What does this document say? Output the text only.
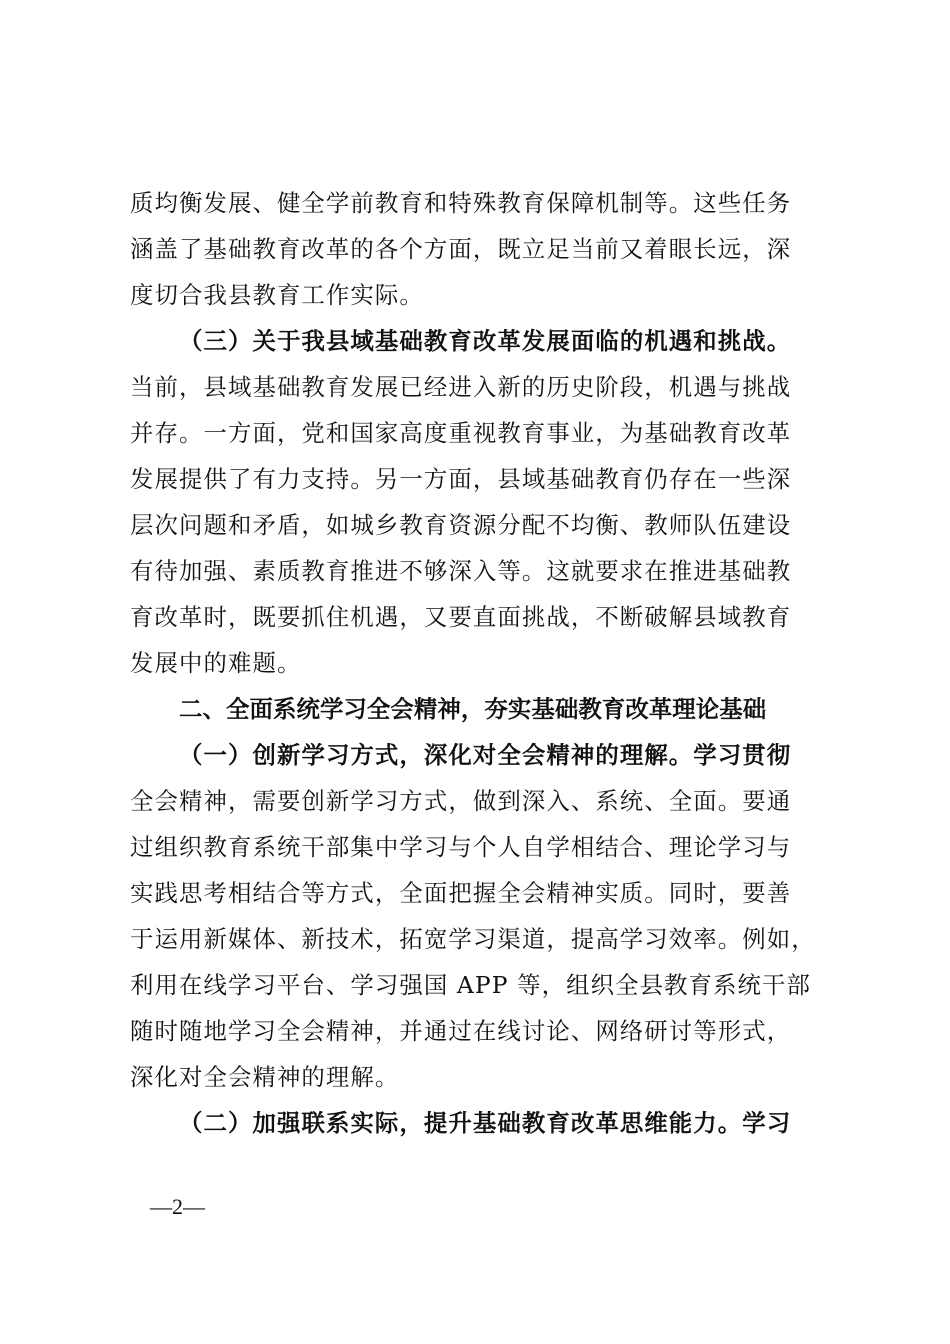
质均衡发展、健全学前教育和特殊教育保障机制等。这些任务
涵盖了基础教育改革的各个方面，既立足当前又着眼长远，深
度切合我县教育工作实际。
（三）关于我县域基础教育改革发展面临的机遇和挑战。
当前，县域基础教育发展已经进入新的历史阶段，机遇与挑战
并存。一方面，党和国家高度重视教育事业，为基础教育改革
发展提供了有力支持。另一方面，县域基础教育仍存在一些深
层次问题和矛盾，如城乡教育资源分配不均衡、教师队伍建设
有待加强、素质教育推进不够深入等。这就要求在推进基础教
育改革时，既要抓住机遇，又要直面挑战，不断破解县域教育
发展中的难题。
二、全面系统学习全会精神，夯实基础教育改革理论基础
（一）创新学习方式，深化对全会精神的理解。学习贯彻
全会精神，需要创新学习方式，做到深入、系统、全面。要通
过组织教育系统干部集中学习与个人自学相结合、理论学习与
实践思考相结合等方式，全面把握全会精神实质。同时，要善
于运用新媒体、新技术，拓宽学习渠道，提高学习效率。例如，
利用在线学习平台、学习强国 APP 等，组织全县教育系统干部
随时随地学习全会精神，并通过在线讨论、网络研讨等形式，
深化对全会精神的理解。
（二）加强联系实际，提升基础教育改革思维能力。学习
—2—
